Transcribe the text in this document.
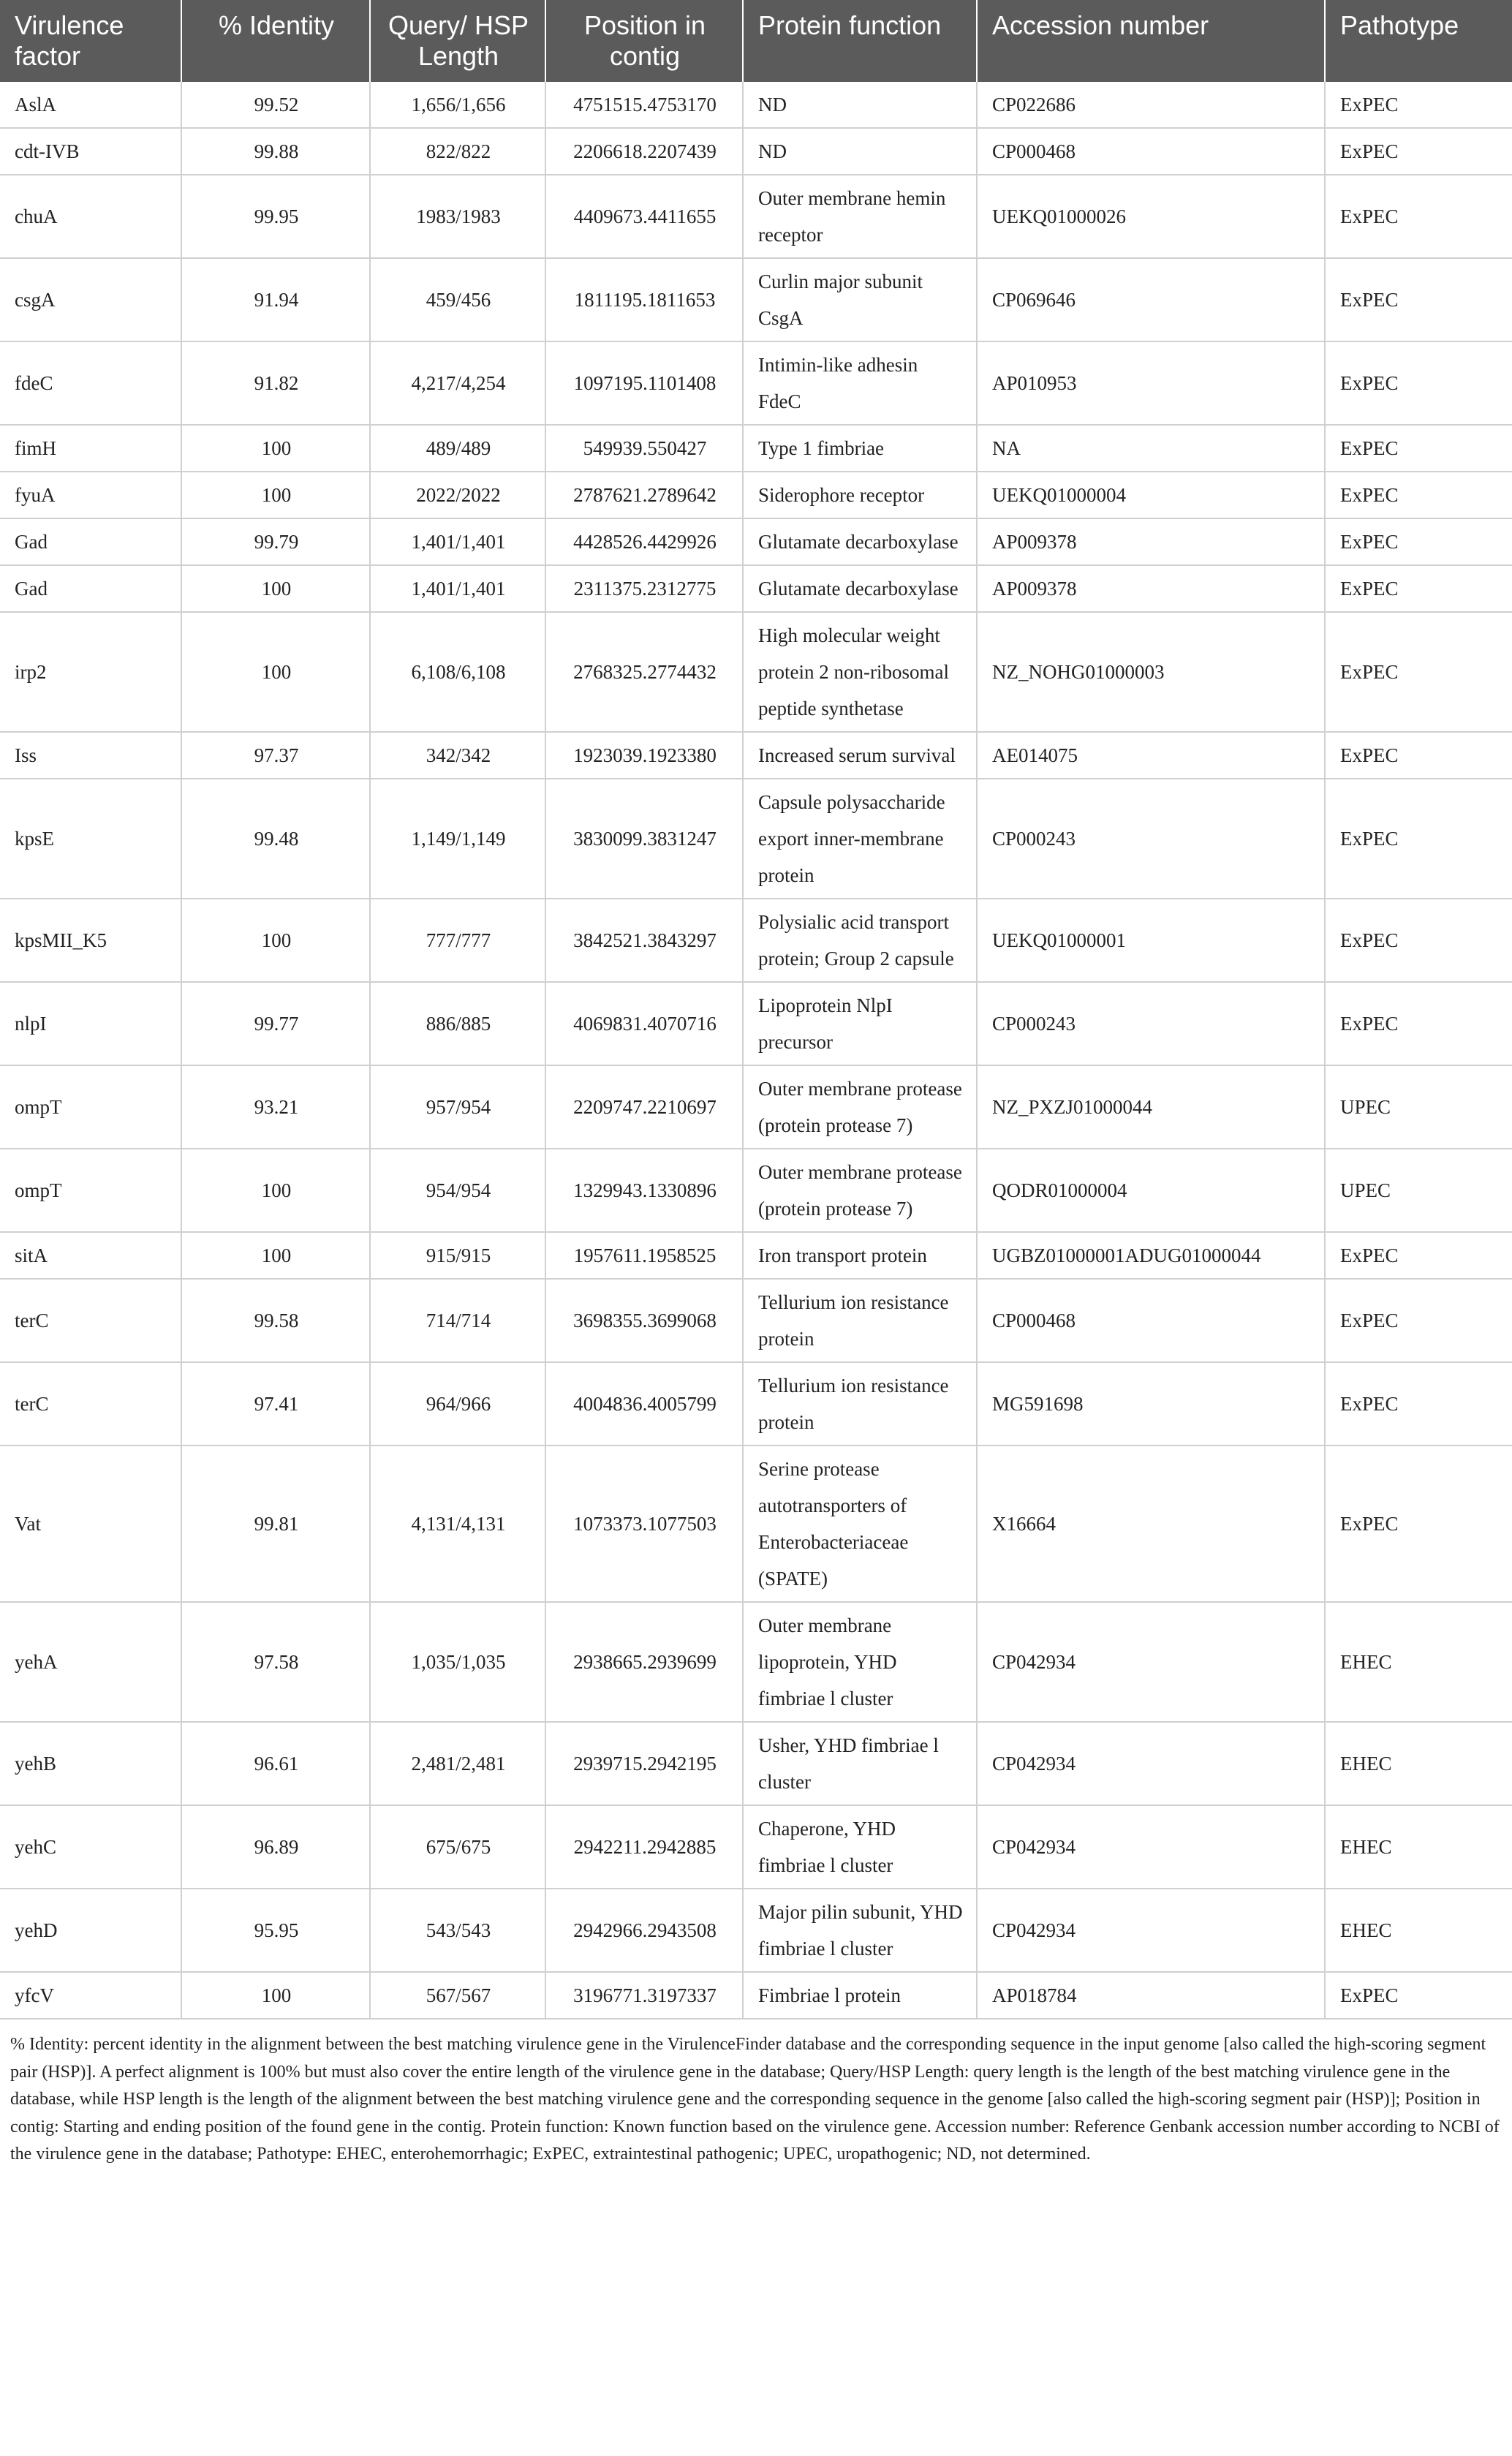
Virulence factor	% Identity	Query/ HSP Length	Position in contig	Protein function	Accession number	Pathotype
AslA	99.52	1,656/1,656	4751515.4753170	ND	CP022686	ExPEC
cdt-IVB	99.88	822/822	2206618.2207439	ND	CP000468	ExPEC
chuA	99.95	1983/1983	4409673.4411655	Outer membrane hemin receptor	UEKQ01000026	ExPEC
csgA	91.94	459/456	1811195.1811653	Curlin major subunit CsgA	CP069646	ExPEC
fdeC	91.82	4,217/4,254	1097195.1101408	Intimin-like adhesin FdeC	AP010953	ExPEC
fimH	100	489/489	549939.550427	Type 1 fimbriae	NA	ExPEC
fyuA	100	2022/2022	2787621.2789642	Siderophore receptor	UEKQ01000004	ExPEC
Gad	99.79	1,401/1,401	4428526.4429926	Glutamate decarboxylase	AP009378	ExPEC
Gad	100	1,401/1,401	2311375.2312775	Glutamate decarboxylase	AP009378	ExPEC
irp2	100	6,108/6,108	2768325.2774432	High molecular weight protein 2 non-ribosomal peptide synthetase	NZ_NOHG01000003	ExPEC
Iss	97.37	342/342	1923039.1923380	Increased serum survival	AE014075	ExPEC
kpsE	99.48	1,149/1,149	3830099.3831247	Capsule polysaccharide export inner-membrane protein	CP000243	ExPEC
kpsMII_K5	100	777/777	3842521.3843297	Polysialic acid transport protein; Group 2 capsule	UEKQ01000001	ExPEC
nlpI	99.77	886/885	4069831.4070716	Lipoprotein NlpI precursor	CP000243	ExPEC
ompT	93.21	957/954	2209747.2210697	Outer membrane protease (protein protease 7)	NZ_PXZJ01000044	UPEC
ompT	100	954/954	1329943.1330896	Outer membrane protease (protein protease 7)	QODR01000004	UPEC
sitA	100	915/915	1957611.1958525	Iron transport protein	UGBZ01000001ADUG01000044	ExPEC
terC	99.58	714/714	3698355.3699068	Tellurium ion resistance protein	CP000468	ExPEC
terC	97.41	964/966	4004836.4005799	Tellurium ion resistance protein	MG591698	ExPEC
Vat	99.81	4,131/4,131	1073373.1077503	Serine protease autotransporters of Enterobacteriaceae (SPATE)	X16664	ExPEC
yehA	97.58	1,035/1,035	2938665.2939699	Outer membrane lipoprotein, YHD fimbriae l cluster	CP042934	EHEC
yehB	96.61	2,481/2,481	2939715.2942195	Usher, YHD fimbriae l cluster	CP042934	EHEC
yehC	96.89	675/675	2942211.2942885	Chaperone, YHD fimbriae l cluster	CP042934	EHEC
yehD	95.95	543/543	2942966.2943508	Major pilin subunit, YHD fimbriae l cluster	CP042934	EHEC
yfcV	100	567/567	3196771.3197337	Fimbriae l protein	AP018784	ExPEC
% Identity: percent identity in the alignment between the best matching virulence gene in the VirulenceFinder database and the corresponding sequence in the input genome [also called the high-scoring segment pair (HSP)]. A perfect alignment is 100% but must also cover the entire length of the virulence gene in the database; Query/HSP Length: query length is the length of the best matching virulence gene in the database, while HSP length is the length of the alignment between the best matching virulence gene and the corresponding sequence in the genome [also called the high-scoring segment pair (HSP)]; Position in contig: Starting and ending position of the found gene in the contig. Protein function: Known function based on the virulence gene. Accession number: Reference Genbank accession number according to NCBI of the virulence gene in the database; Pathotype: EHEC, enterohemorrhagic; ExPEC, extraintestinal pathogenic; UPEC, uropathogenic; ND, not determined.
